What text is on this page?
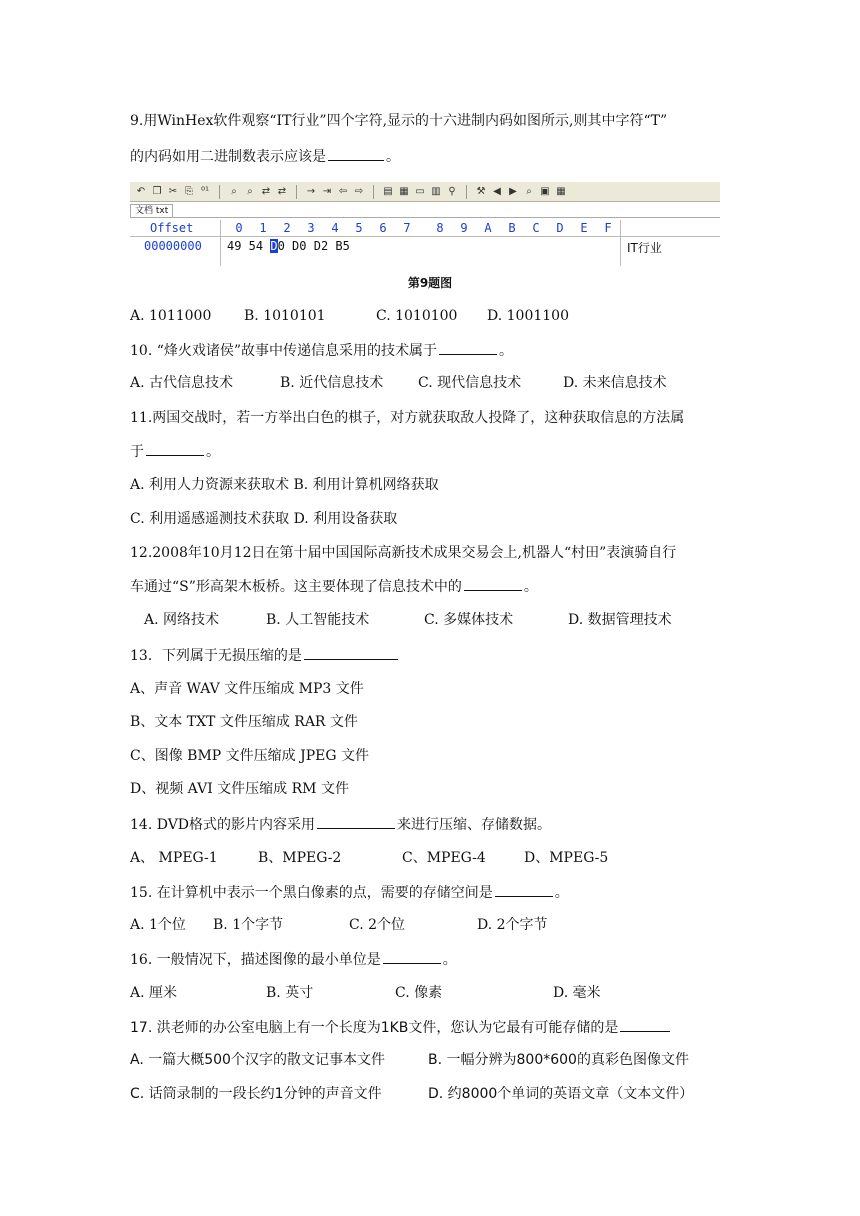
9.用WinHex软件观察“IT行业”四个字符,显示的十六进制内码如图所示,则其中字符“T”
的内码如用二进制数表示应该是	。
↶ ❐ ✂ ⎘ ⁰¹	⌕	⌕ ⇄ ⇄ → ⇥ ⇦ ⇨ ▤ ▦ ▭ ▥ ⚲	⚒ ◀ ▶ ⌕ ▣ ▦
文档 txt
Offset	0 1 2 3 4 5 6 7 8 9 A B C D E F
00000000 49 54 D0 D0 D2 B5	IT行业
第9题图
A. 1011000 B. 1010101	C. 1010100 D. 1001100
10. “烽火戏诸侯”故事中传递信息采用的技术属于	。
A. 古代信息技术	B. 近代信息技术 C. 现代信息技术	D. 未来信息技术
11.两国交战时，若一方举出白色的棋子，对方就获取敌人投降了，这种获取信息的方法属
于	。
A. 利用人力资源来获取术 B. 利用计算机网络获取
C. 利用遥感遥测技术获取 D. 利用设备获取
12.2008年10月12日在第十届中国国际高新技术成果交易会上,机器人“村田”表演骑自行
车通过“S”形高架木板桥。这主要体现了信息技术中的	。
A. 网络技术	B. 人工智能技术	C. 多媒体技术	D. 数据管理技术
13．下列属于无损压缩的是
A、声音 WAV 文件压缩成 MP3 文件
B、文本 TXT 文件压缩成 RAR 文件
C、图像 BMP 文件压缩成 JPEG 文件
D、视频 AVI 文件压缩成 RM 文件
14. DVD格式的影片内容采用	来进行压缩、存储数据。
A、 MPEG-1	B、MPEG-2	C、MPEG-4	D、MPEG-5
15. 在计算机中表示一个黑白像素的点，需要的存储空间是	。
A. 1个位 B. 1个字节	C. 2个位	D. 2个字节
16. 一般情况下，描述图像的最小单位是	。
A. 厘米	B. 英寸	C. 像素	D. 毫米
17. 洪老师的办公室电脑上有一个长度为1KB文件，您认为它最有可能存储的是
A. 一篇大概500个汉字的散文记事本文件	B. 一幅分辨为800*600的真彩色图像文件
C. 话筒录制的一段长约1分钟的声音文件	D. 约8000个单词的英语文章（文本文件）
